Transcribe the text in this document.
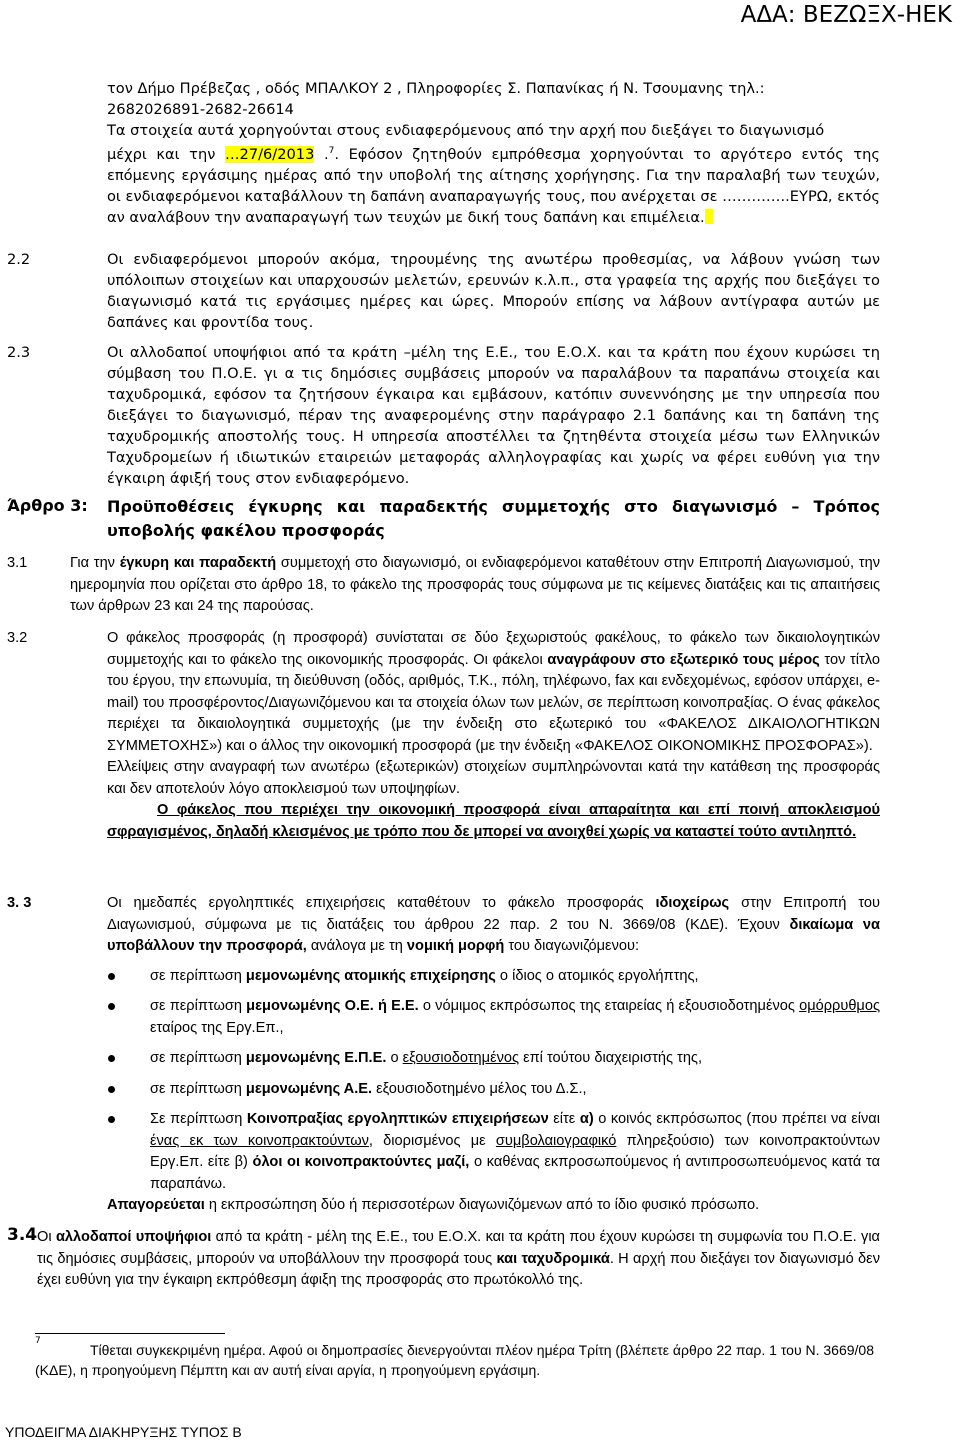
ΑΔΑ: ΒΕΖΩΞΧ-ΗΕΚ
τον Δήμο Πρέβεζας , οδός ΜΠΑΛΚΟΥ 2 , Πληροφορίες Σ. Παπανίκας ή Ν. Τσουμανης τηλ.:
2682026891-2682-26614
Τα στοιχεία αυτά χορηγούνται στους ενδιαφερόμενους από την αρχή που διεξάγει το διαγωνισμό
μέχρι και την …27/6/2013 .$^7$. Εφόσον ζητηθούν εμπρόθεσμα χορηγούνται το αργότερο εντός της επόμενης εργάσιμης ημέρας από την υποβολή της αίτησης χορήγησης. Για την παραλαβή των τευχών, οι ενδιαφερόμενοι καταβάλλουν τη δαπάνη αναπαραγωγής τους, που ανέρχεται σε …………..ΕΥΡΩ, εκτός αν αναλάβουν την αναπαραγωγή των τευχών με δική τους δαπάνη και επιμέλεια.
2.2	Οι ενδιαφερόμενοι μπορούν ακόμα, τηρουμένης της ανωτέρω προθεσμίας, να λάβουν γνώση των υπόλοιπων στοιχείων και υπαρχουσών μελετών, ερευνών κ.λ.π., στα γραφεία της αρχής που διεξάγει το διαγωνισμό κατά τις εργάσιμες ημέρες και ώρες. Μπορούν επίσης να λάβουν αντίγραφα αυτών με δαπάνες και φροντίδα τους.
2.3	Οι αλλοδαποί υποψήφιοι από τα κράτη –μέλη της Ε.Ε., του Ε.Ο.Χ. και τα κράτη που έχουν κυρώσει τη σύμβαση του Π.Ο.Ε. γι α τις δημόσιες συμβάσεις μπορούν να παραλάβουν τα παραπάνω στοιχεία και ταχυδρομικά, εφόσον τα ζητήσουν έγκαιρα και εμβάσουν, κατόπιν συνεννόησης με την υπηρεσία που διεξάγει το διαγωνισμό, πέραν της αναφερομένης στην παράγραφο 2.1 δαπάνης και τη δαπάνη της ταχυδρομικής αποστολής τους. Η υπηρεσία αποστέλλει τα ζητηθέντα στοιχεία μέσω των Ελληνικών Ταχυδρομείων ή ιδιωτικών εταιρειών μεταφοράς αλληλογραφίας και χωρίς να φέρει ευθύνη για την έγκαιρη άφιξή τους στον ενδιαφερόμενο.
Άρθρο 3: Προϋποθέσεις έγκυρης και παραδεκτής συμμετοχής στο διαγωνισμό – Τρόπος υποβολής φακέλου προσφοράς
3.1	Για την έγκυρη και παραδεκτή συμμετοχή στο διαγωνισμό, οι ενδιαφερόμενοι καταθέτουν στην Επιτροπή Διαγωνισμού, την ημερομηνία που ορίζεται στο άρθρο 18, το φάκελο της προσφοράς τους σύμφωνα με τις κείμενες διατάξεις και τις απαιτήσεις των άρθρων 23 και 24 της παρούσας.
3.2	Ο φάκελος προσφοράς (η προσφορά) συνίσταται σε δύο ξεχωριστούς φακέλους, το φάκελο των δικαιολογητικών συμμετοχής και το φάκελο της οικονομικής προσφοράς. Οι φάκελοι αναγράφουν στο εξωτερικό τους μέρος τον τίτλο του έργου, την επωνυμία, τη διεύθυνση (οδός, αριθμός, Τ.Κ., πόλη, τηλέφωνο, fax και ενδεχομένως, εφόσον υπάρχει, e-mail) του προσφέροντος/Διαγωνιζόμενου και τα στοιχεία όλων των μελών, σε περίπτωση κοινοπραξίας. Ο ένας φάκελος περιέχει τα δικαιολογητικά συμμετοχής (με την ένδειξη στο εξωτερικό του «ΦΑΚΕΛΟΣ ΔΙΚΑΙΟΛΟΓΗΤΙΚΩΝ ΣΥΜΜΕΤΟΧΗΣ») και ο άλλος την οικονομική προσφορά (με την ένδειξη «ΦΑΚΕΛΟΣ ΟΙΚΟΝΟΜΙΚΗΣ ΠΡΟΣΦΟΡΑΣ»).
Ελλείψεις στην αναγραφή των ανωτέρω (εξωτερικών) στοιχείων συμπληρώνονται κατά την κατάθεση της προσφοράς και δεν αποτελούν λόγο αποκλεισμού των υποψηφίων.
Ο φάκελος που περιέχει την οικονομική προσφορά είναι απαραίτητα και επί ποινή αποκλεισμού σφραγισμένος, δηλαδή κλεισμένος με τρόπο που δε μπορεί να ανοιχθεί χωρίς να καταστεί τούτο αντιληπτό.
3. 3	Οι ημεδαπές εργοληπτικές επιχειρήσεις καταθέτουν το φάκελο προσφοράς ιδιοχείρως στην Επιτροπή του Διαγωνισμού, σύμφωνα με τις διατάξεις του άρθρου 22 παρ. 2 του Ν. 3669/08 (ΚΔΕ). Έχουν δικαίωμα να υποβάλλουν την προσφορά, ανάλογα με τη νομική μορφή του διαγωνιζόμενου:
σε περίπτωση μεμονωμένης ατομικής επιχείρησης ο ίδιος ο ατομικός εργολήπτης,
σε περίπτωση μεμονωμένης Ο.Ε. ή Ε.Ε. ο νόμιμος εκπρόσωπος της εταιρείας ή εξουσιοδοτημένος ομόρρυθμος εταίρος της Εργ.Επ.,
σε περίπτωση μεμονωμένης Ε.Π.Ε. ο εξουσιοδοτημένος επί τούτου διαχειριστής της,
σε περίπτωση μεμονωμένης Α.Ε. εξουσιοδοτημένο μέλος του Δ.Σ.,
Σε περίπτωση Κοινοπραξίας εργοληπτικών επιχειρήσεων είτε α) ο κοινός εκπρόσωπος (που πρέπει να είναι ένας εκ των κοινοπρακτούντων, διορισμένος με συμβολαιογραφικό πληρεξούσιο) των κοινοπρακτούντων Εργ.Επ. είτε β) όλοι οι κοινοπρακτούντες μαζί, ο καθένας εκπροσωπούμενος ή αντιπροσωπευόμενος κατά τα παραπάνω.
Απαγορεύεται η εκπροσώπηση δύο ή περισσοτέρων διαγωνιζόμενων από το ίδιο φυσικό πρόσωπο.
3.4 Οι αλλοδαποί υποψήφιοι από τα κράτη - μέλη της Ε.Ε., του Ε.Ο.Χ. και τα κράτη που έχουν κυρώσει τη συμφωνία του Π.Ο.Ε. για τις δημόσιες συμβάσεις, μπορούν να υποβάλλουν την προσφορά τους και ταχυδρομικά. Η αρχή που διεξάγει τον διαγωνισμό δεν έχει ευθύνη για την έγκαιρη εκπρόθεσμη άφιξη της προσφοράς στο πρωτόκολλό της.
7
Τίθεται συγκεκριμένη ημέρα. Αφού οι δημοπρασίες διενεργούνται πλέον ημέρα Τρίτη (βλέπετε άρθρο 22 παρ. 1 του Ν. 3669/08 (ΚΔΕ), η προηγούμενη Πέμπτη και αν αυτή είναι αργία, η προηγούμενη εργάσιμη.
ΥΠΟΔΕΙΓΜΑ ΔΙΑΚΗΡΥΞΗΣ ΤΥΠΟΣ Β
